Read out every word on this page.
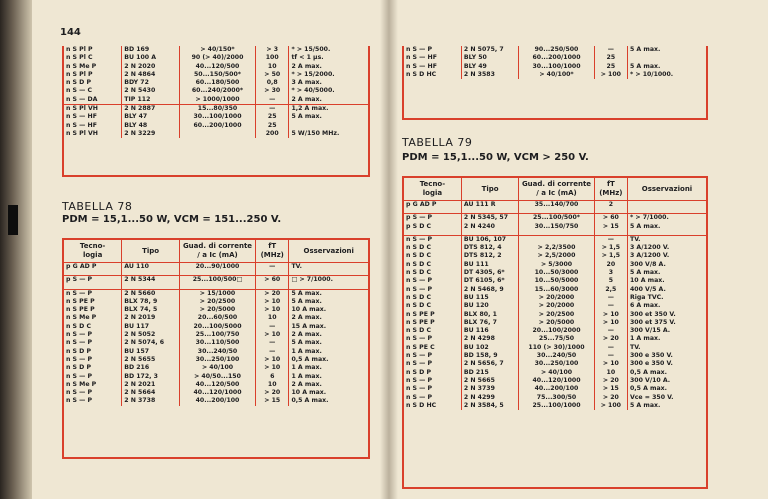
144
n S Pl P	BD 169	> 40/150*	> 3	* > 15/500.
n S Pl C	BU 100 A	90 (> 40)/2000	100	tf < 1 μs.
n S Me P	2 N 2020	40...120/500	10	2 A max.
n S Pl P	2 N 4864	50...150/500*	> 50	* > 15/2000.
n S D P	BDY 72	60...180/500	0,8	3 A max.
n S — C	2 N 5430	60...240/2000*	> 30	* > 40/5000.
n S — DA	TIP 112	> 1000/1000	—	2 A max.
n S Pl VH	2 N 2887	15...80/350	—	1,2 A max.
n S — HF	BLY 47	30...100/1000	25	5 A max.
n S — HF	BLY 48	60...200/1000	25	
n S Pl VH	2 N 3229		200	5 W/150 MHz.
n S — P	2 N 5075, 7	90...250/500	—	5 A max.
n S — HF	BLY 50	60...200/1000	25	
n S — HF	BLY 49	30...100/1000	25	5 A max.
n S D HC	2 N 3583	> 40/100*	> 100	* > 10/1000.
TABELLA 78
PDM = 15,1...50 W, VCM = 151...250 V.
Tecno-
logia	Tipo	Guad. di corrente
/ a Ic (mA)	fT
(MHz)	Osservazioni
p G AD P	AU 110	20...90/1000	—	TV.

p S — P	2 N 5344	25...100/500□	> 60	□ > 7/1000.

n S — P	2 N 5660	> 15/1000	> 20	5 A max.
n S PE P	BLX 78, 9	> 20/2500	> 10	5 A max.
n S PE P	BLX 74, 5	> 20/5000	> 10	10 A max.
n S Me P	2 N 2019	20...60/500	10	2 A max.
n S D C	BU 117	20...100/5000	—	15 A max.
n S — P	2 N 5052	25...100/750	> 10	2 A max.
n S — P	2 N 5074, 6	30...110/500	—	5 A max.
n S D P	BU 157	30...240/50	—	1 A max.
n S — P	2 N 5655	30...250/100	> 10	0,5 A max.
n S D P	BD 216	> 40/100	> 10	1 A max.
n S — P	BD 172, 3	> 40/50...150	6	1 A max.
n S Me P	2 N 2021	40...120/500	10	2 A max.
n S — P	2 N 5664	40...120/1000	> 20	10 A max.
n S — P	2 N 3738	40...200/100	> 15	0,5 A max.
TABELLA 79
PDM = 15,1...50 W, VCM > 250 V.
Tecno-
logia	Tipo	Guad. di corrente
/ a Ic (mA)	fT
(MHz)	Osservazioni
p G AD P	AU 111 R	35...140/700	2	

p S — P	2 N 5345, 57	25...100/500*	> 60	* > 7/1000.
p S D C	2 N 4240	30...150/750	> 15	5 A max.

n S — P	BU 106, 107		—	TV.
n S D C	DTS 812, 4	> 2,2/3500	> 1,5	3 A/1200 V.
n S D C	DTS 812, 2	> 2,5/2000	> 1,5	3 A/1200 V.
n S D C	BU 111	> 5/3000	20	300 V/8 A.
n S D C	DT 4305, 6*	10...50/3000	3	5 A max.
n S — P	DT 6105, 6*	10...50/5000	5	10 A max.
n S — P	2 N 5468, 9	15...60/3000	2,5	400 V/5 A.
n S D C	BU 115	> 20/2000	—	Riga TVC.
n S D C	BU 120	> 20/2000	—	6 A max.
n S PE P	BLX 80, 1	> 20/2500	> 10	300 et 350 V.
n S PE P	BLX 76, 7	> 20/5000	> 10	300 et 375 V.
n S D C	BU 116	20...100/2000	—	300 V/15 A.
n S — P	2 N 4298	25...75/50	> 20	1 A max.
n S PE C	BU 102	110 (> 30)/1000	—	TV.
n S — P	BD 158, 9	30...240/50	—	300 e 350 V.
n S — P	2 N 5656, 7	30...250/100	> 10	300 e 350 V.
n S D P	BD 215	> 40/100	10	0,5 A max.
n S — P	2 N 5665	40...120/1000	> 20	300 V/10 A.
n S — P	2 N 3739	40...200/100	> 15	0,5 A max.
n S — P	2 N 4299	75...300/50	> 20	Vce = 350 V.
n S D HC	2 N 3584, 5	25...100/1000	> 100	5 A max.
